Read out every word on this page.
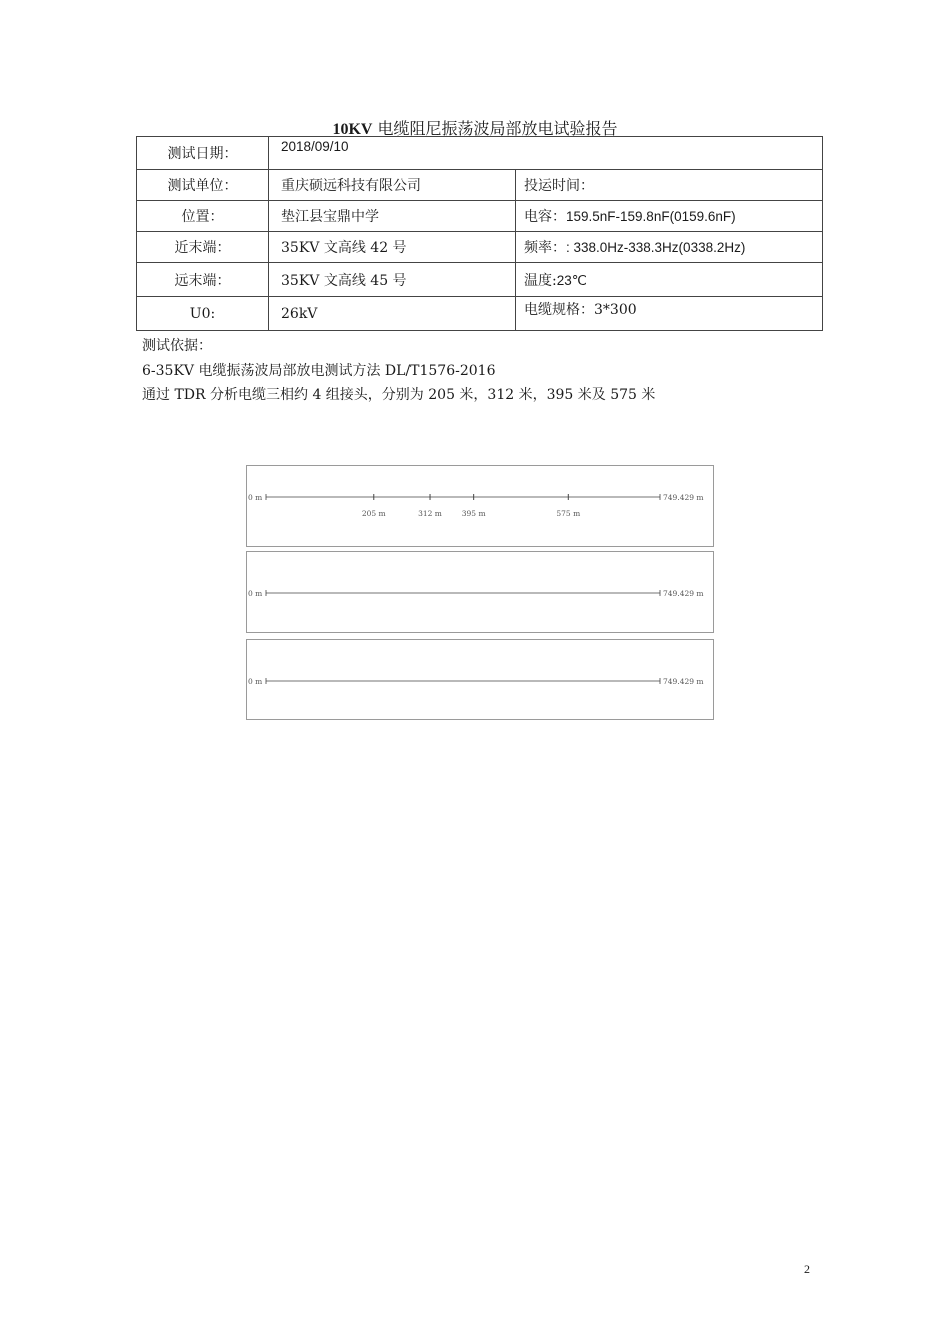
10KV 电缆阻尼振荡波局部放电试验报告
测试日期：	2018/09/10	
测试单位：	重庆硕远科技有限公司	投运时间：
位置：	垫江县宝鼎中学	电容：159.5nF-159.8nF(0159.6nF)
近末端：	35KV 文高线 42 号	频率：: 338.0Hz-338.3Hz(0338.2Hz)
远末端：	35KV 文高线 45 号	温度:23℃
U0:	26kV	电缆规格：3*300
测试依据：
6-35KV 电缆振荡波局部放电测试方法 DL/T1576-2016
通过 TDR 分析电缆三相约 4 组接头，分别为 205 米，312 米，395 米及 575 米
0 m	749.429 m
205 m	312 m	395 m	575 m
0 m	749.429 m
0 m	749.429 m
2
